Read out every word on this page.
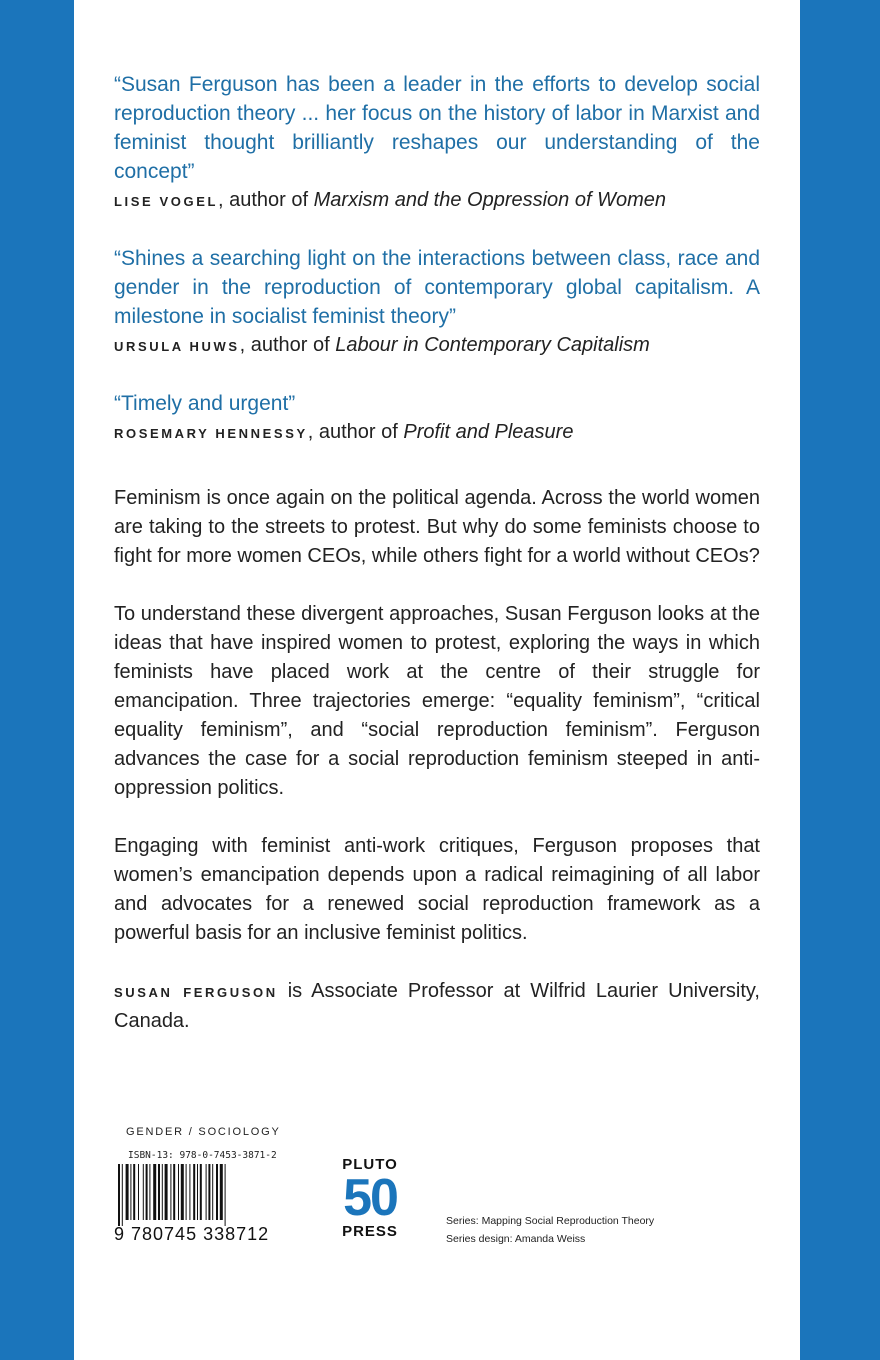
“Susan Ferguson has been a leader in the efforts to develop social reproduction theory ... her focus on the history of labor in Marxist and feminist thought brilliantly reshapes our understanding of the concept”

LISE VOGEL, author of Marxism and the Oppression of Women

“Shines a searching light on the interactions between class, race and gender in the reproduction of contemporary global capitalism. A milestone in socialist feminist theory”

URSULA HUWS, author of Labour in Contemporary Capitalism

“Timely and urgent”

ROSEMARY HENNESSY, author of Profit and Pleasure

Feminism is once again on the political agenda. Across the world women are taking to the streets to protest. But why do some feminists choose to fight for more women CEOs, while others fight for a world without CEOs?

To understand these divergent approaches, Susan Ferguson looks at the ideas that have inspired women to protest, exploring the ways in which feminists have placed work at the centre of their struggle for emancipation. Three trajectories emerge: “equality feminism”, “critical equality feminism”, and “social reproduction feminism”. Ferguson advances the case for a social reproduction feminism steeped in anti-oppression politics.

Engaging with feminist anti-work critiques, Ferguson proposes that women’s emancipation depends upon a radical reimagining of all labor and advocates for a renewed social reproduction framework as a powerful basis for an inclusive feminist politics.

SUSAN FERGUSON is Associate Professor at Wilfrid Laurier University, Canada.

GENDER / SOCIOLOGY
ISBN-13: 978-0-7453-3871-2
9 780745 338712
PLUTO
50
PRESS
Series: Mapping Social Reproduction Theory
Series design: Amanda Weiss
